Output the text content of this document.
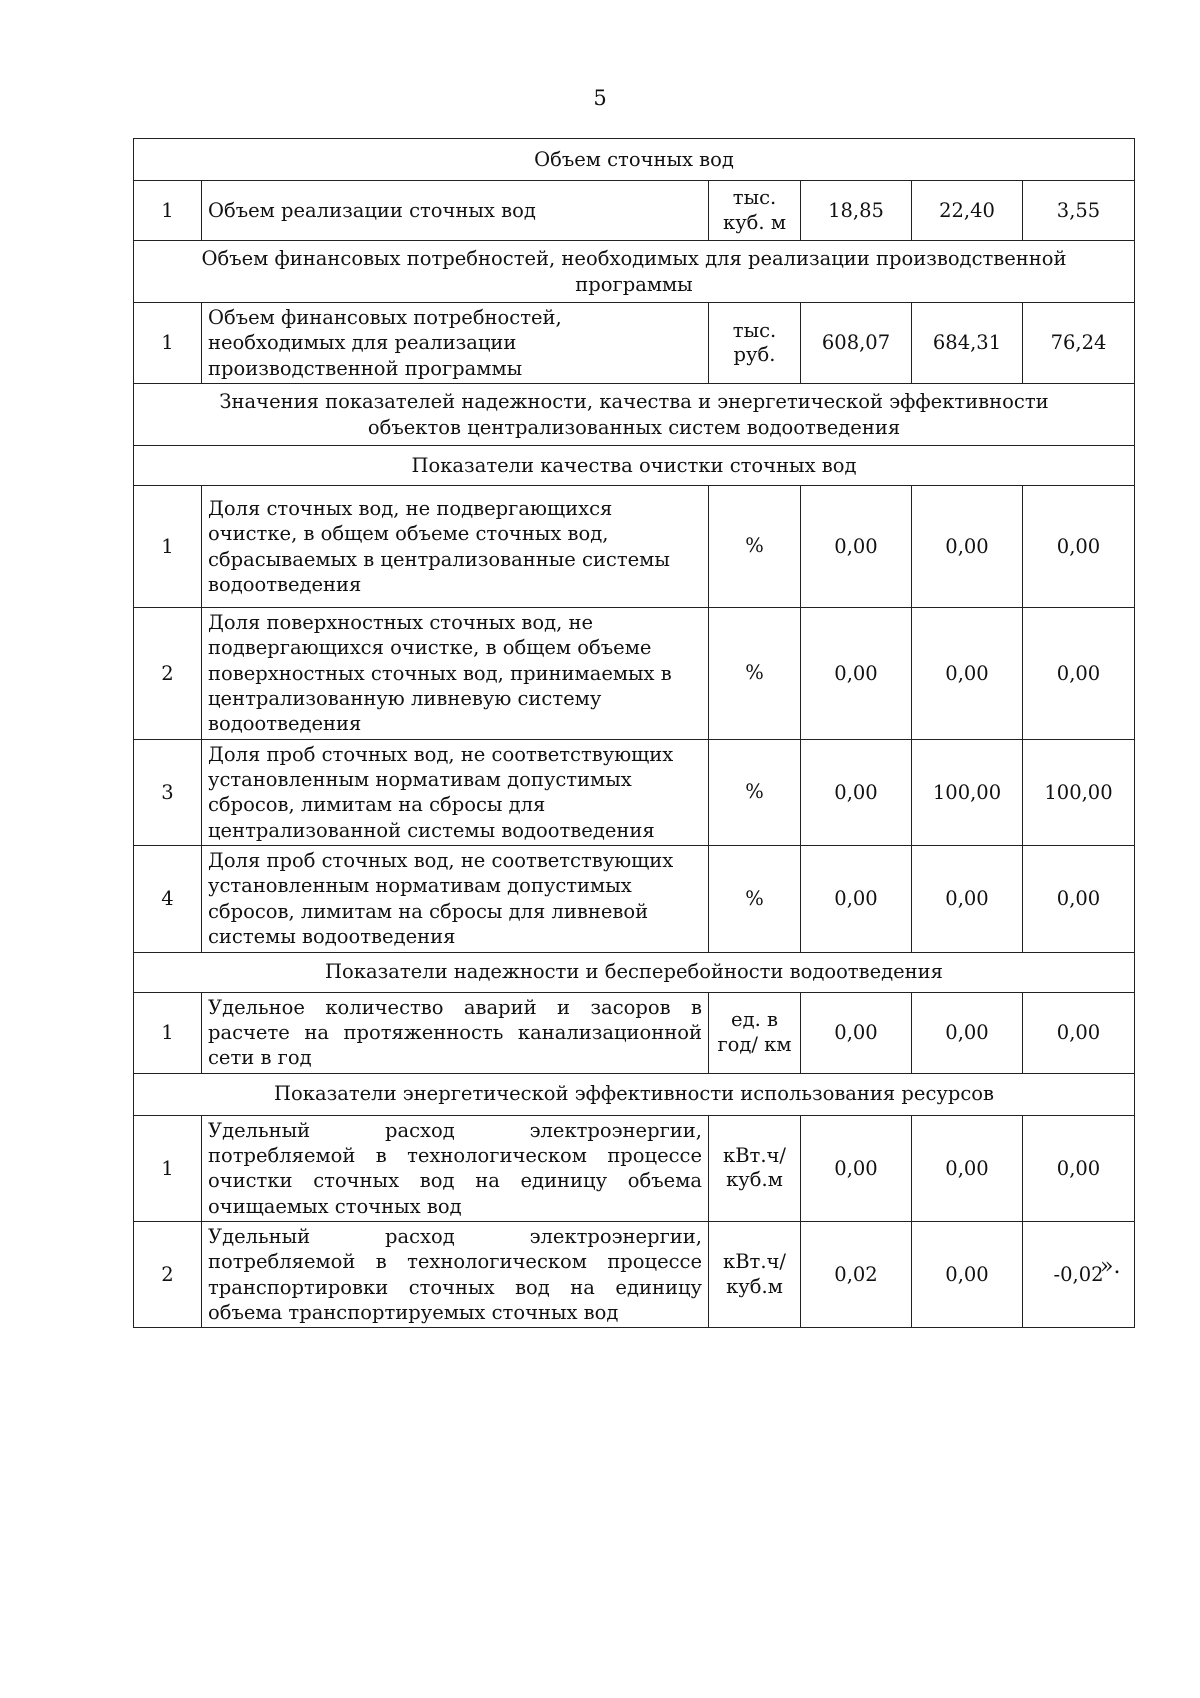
5
Объем сточных вод					
1	Объем реализации сточных вод	тыс. куб. м	18,85	22,40	3,55
Объем финансовых потребностей, необходимых для реализации производственной программы					
1	Объем финансовых потребностей, необходимых для реализации производственной программы	тыс. руб.	608,07	684,31	76,24
Значения показателей надежности, качества и энергетической эффективности объектов централизованных систем водоотведения					
Показатели качества очистки сточных вод					
1	Доля сточных вод, не подвергающихся очистке, в общем объеме сточных вод, сбрасываемых в централизованные системы водоотведения	%	0,00	0,00	0,00
2	Доля поверхностных сточных вод, не подвергающихся очистке, в общем объеме поверхностных сточных вод, принимаемых в централизованную ливневую систему водоотведения	%	0,00	0,00	0,00
3	Доля проб сточных вод, не соответствующих установленным нормативам допустимых сбросов, лимитам на сбросы для централизованной системы водоотведения	%	0,00	100,00	100,00
4	Доля проб сточных вод, не соответствующих установленным нормативам допустимых сбросов, лимитам на сбросы для ливневой системы водоотведения	%	0,00	0,00	0,00
Показатели надежности и бесперебойности водоотведения					
1	Удельное количество аварий и засоров в расчете на протяженность канализационной сети в год	ед. в год/ км	0,00	0,00	0,00
Показатели энергетической эффективности использования ресурсов					
1	Удельный расход электроэнергии, потребляемой в технологическом процессе очистки сточных вод на единицу объема очищаемых сточных вод	кВт.ч/ куб.м	0,00	0,00	0,00
2	Удельный расход электроэнергии, потребляемой в технологическом процессе транспортировки сточных вод на единицу объема транспортируемых сточных вод	кВт.ч/ куб.м	0,02	0,00	-0,02
».
